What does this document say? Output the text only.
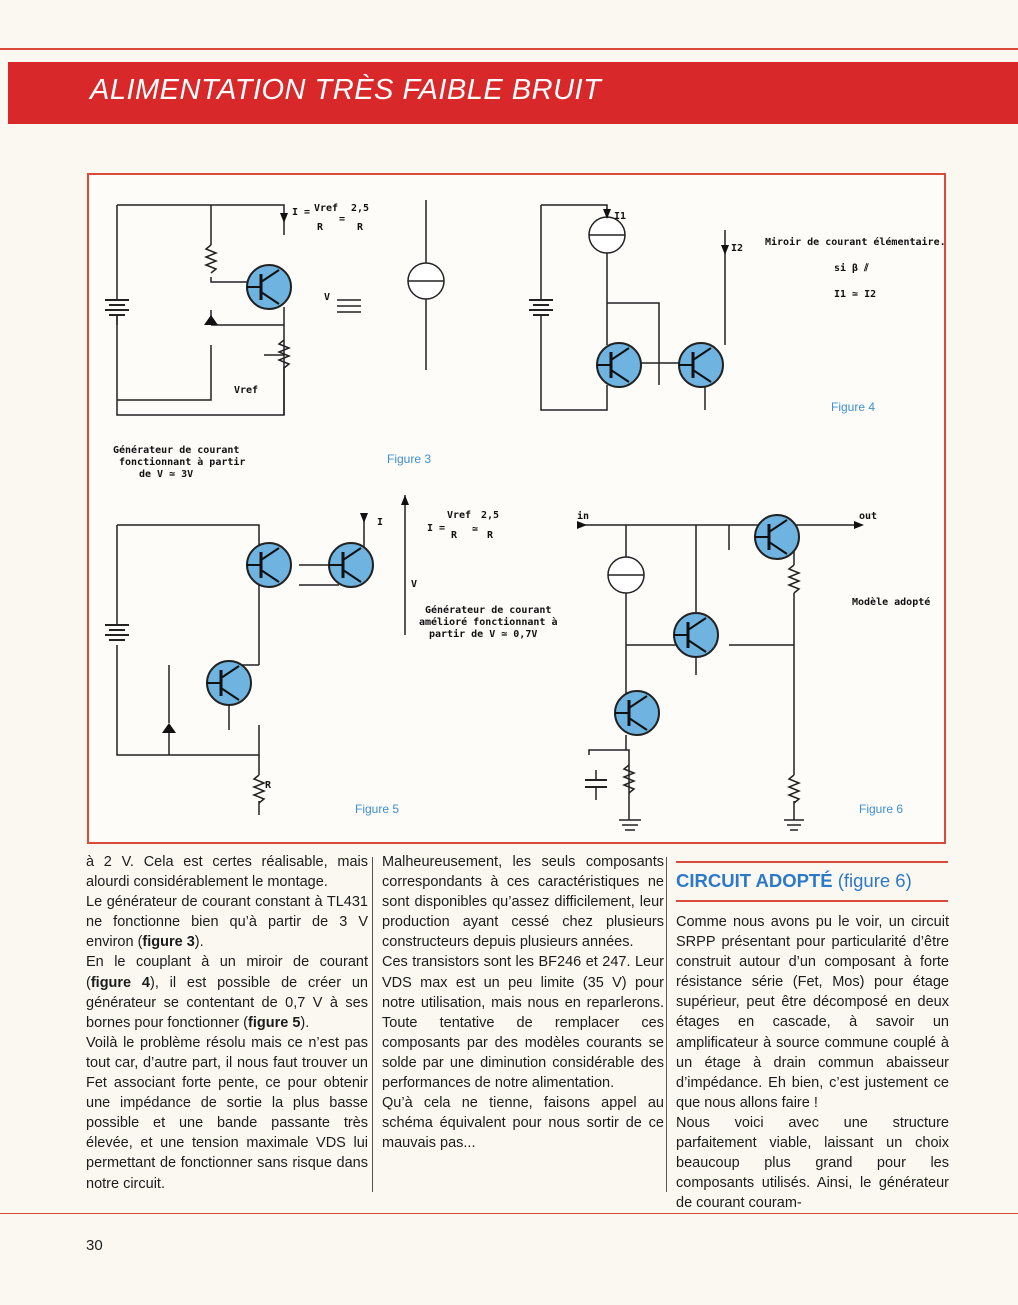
ALIMENTATION TRÈS FAIBLE BRUIT
I = Vref
R
=
2,5
R
V
Vref
Générateur de courant
fonctionnant à partir
de V ≃ 3V
Figure 3
I1
I2
Miroir de courant élémentaire.
si β ⫽
I1 ≃ I2
Figure 4
I
I =
Vref
R
≃
2,5
R
V
R
Générateur de courant
amélioré fonctionnant à
partir de V ≃ 0,7V
Figure 5
in	out
Modèle adopté
Figure 6

à 2 V. Cela est certes réalisable, mais alourdi considérablement le montage.

Le générateur de courant constant à TL431 ne fonctionne bien qu’à partir de 3 V environ (figure 3).

En le couplant à un miroir de courant (figure 4), il est possible de créer un générateur se contentant de 0,7 V à ses bornes pour fonctionner (figure 5).

Voilà le problème résolu mais ce n’est pas tout car, d’autre part, il nous faut trouver un Fet associant forte pente, ce pour obtenir une impédance de sortie la plus basse possible et une bande passante très élevée, et une tension maximale VDS lui permettant de fonctionner sans risque dans notre circuit.

Malheureusement, les seuls composants correspondants à ces caractéristiques ne sont disponibles qu’assez difficilement, leur production ayant cessé chez plusieurs constructeurs depuis plusieurs années.

Ces transistors sont les BF246 et 247. Leur VDS max est un peu limite (35 V) pour notre utilisation, mais nous en reparlerons. Toute tentative de remplacer ces composants par des modèles courants se solde par une diminution considérable des performances de notre alimentation.

Qu’à cela ne tienne, faisons appel au schéma équivalent pour nous sortir de ce mauvais pas...

CIRCUIT ADOPTÉ (figure 6)

Comme nous avons pu le voir, un circuit SRPP présentant pour particularité d’être construit autour d’un composant à forte résistance série (Fet, Mos) pour étage supérieur, peut être décomposé en deux étages en cascade, à savoir un amplificateur à source commune couplé à un étage à drain commun abaisseur d’impédance. Eh bien, c’est justement ce que nous allons faire !

Nous voici avec une structure parfaitement viable, laissant un choix beaucoup plus grand pour les composants utilisés. Ainsi, le générateur de courant couram-

30
